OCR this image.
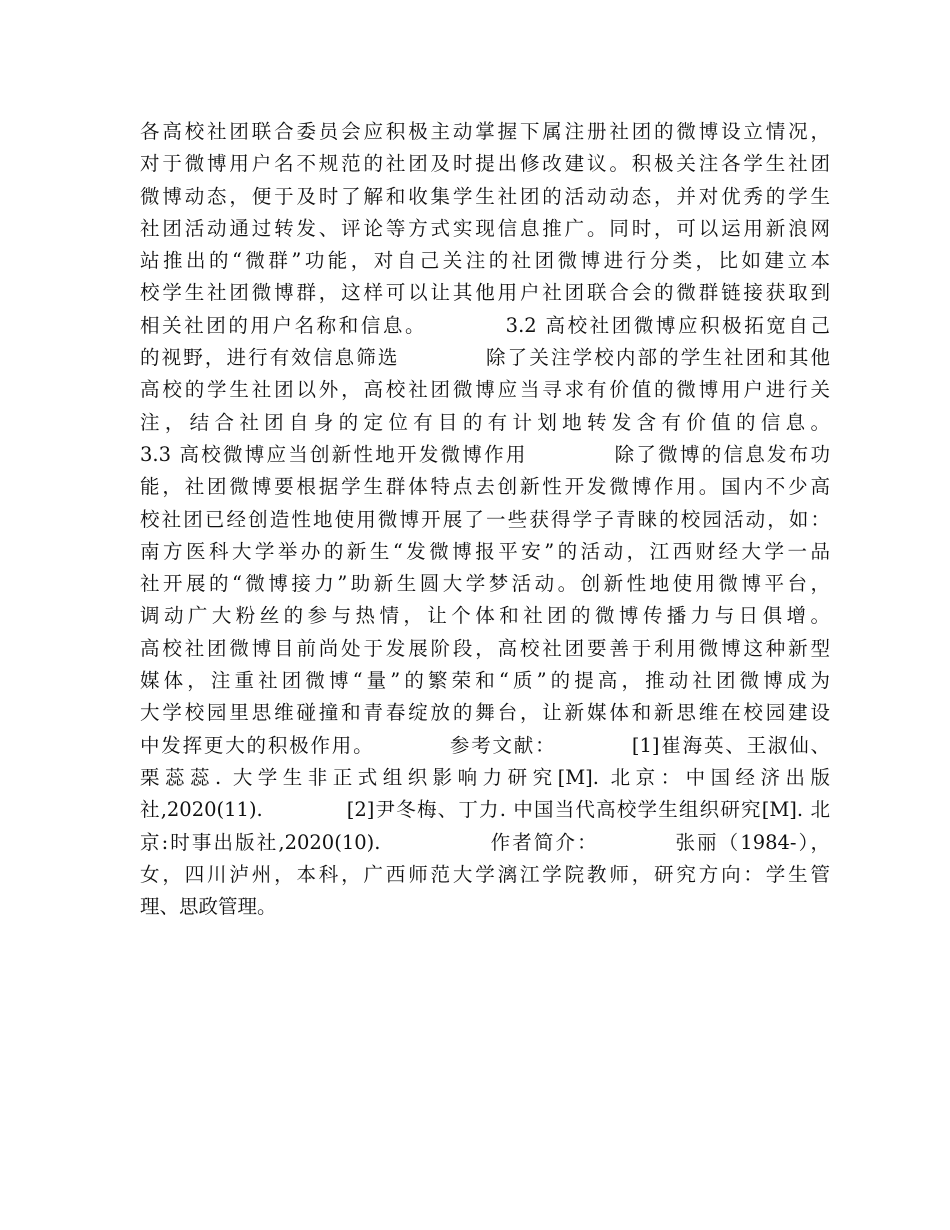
各高校社团联合委员会应积极主动掌握下属注册社团的微博设立情况，
对于微博用户名不规范的社团及时提出修改建议。积极关注各学生社团
微博动态，便于及时了解和收集学生社团的活动动态，并对优秀的学生
社团活动通过转发、评论等方式实现信息推广。同时，可以运用新浪网
站推出的“微群”功能，对自己关注的社团微博进行分类，比如建立本
校学生社团微博群，这样可以让其他用户社团联合会的微群链接获取到
相关社团的用户名称和信息。　　　　3.2 高校社团微博应积极拓宽自己
的视野，进行有效信息筛选　　　　除了关注学校内部的学生社团和其他
高校的学生社团以外，高校社团微博应当寻求有价值的微博用户进行关
注，结合社团自身的定位有目的有计划地转发含有价值的信息。
3.3 高校微博应当创新性地开发微博作用　　　　除了微博的信息发布功
能，社团微博要根据学生群体特点去创新性开发微博作用。国内不少高
校社团已经创造性地使用微博开展了一些获得学子青睐的校园活动，如：
南方医科大学举办的新生“发微博报平安”的活动，江西财经大学一品
社开展的“微博接力”助新生圆大学梦活动。创新性地使用微博平台，
调动广大粉丝的参与热情，让个体和社团的微博传播力与日俱增。
高校社团微博目前尚处于发展阶段，高校社团要善于利用微博这种新型
媒体，注重社团微博“量”的繁荣和“质”的提高，推动社团微博成为
大学校园里思维碰撞和青春绽放的舞台，让新媒体和新思维在校园建设
中发挥更大的积极作用。　　　　参考文献：　　　　[1]崔海英、王淑仙、
栗蕊蕊. 大学生非正式组织影响力研究[M]. 北京：中国经济出版
社,2020(11).　　　　[2]尹冬梅、丁力. 中国当代高校学生组织研究[M]. 北
京:时事出版社,2020(10).　　　　　作者简介：　　　　张丽（1984-），
女，四川泸州，本科，广西师范大学漓江学院教师，研究方向：学生管
理、思政管理。
